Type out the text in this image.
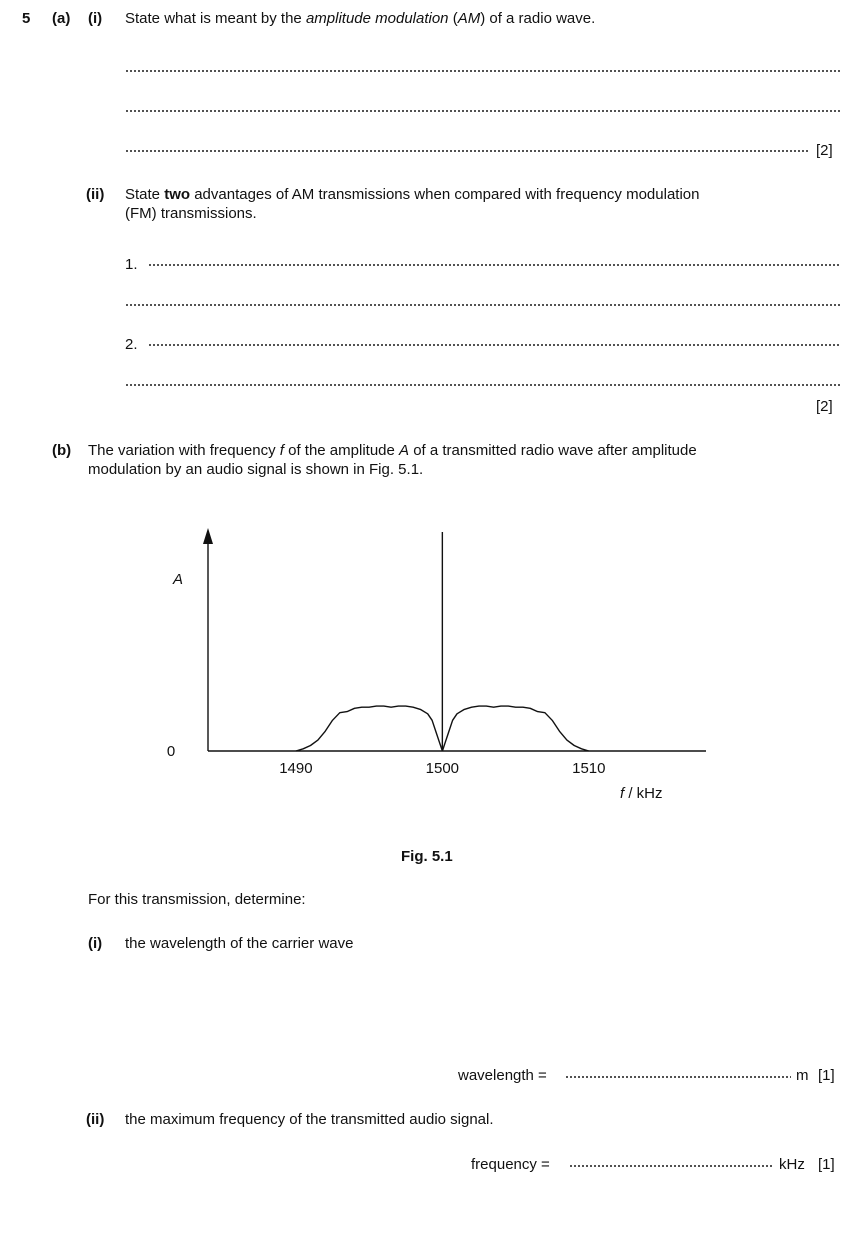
5 (a) (i) State what is meant by the amplitude modulation (AM) of a radio wave.
[2]
(ii) State two advantages of AM transmissions when compared with frequency modulation
(FM) transmissions.
1.
2.
[2]
(b) The variation with frequency f of the amplitude A of a transmitted radio wave after amplitude
modulation by an audio signal is shown in Fig. 5.1.
0
A
1490	1500	1510
f / kHz
Fig. 5.1
For this transmission, determine:
(i) the wavelength of the carrier wave
wavelength =	m [1]
(ii) the maximum frequency of the transmitted audio signal.
frequency =	kHz [1]
